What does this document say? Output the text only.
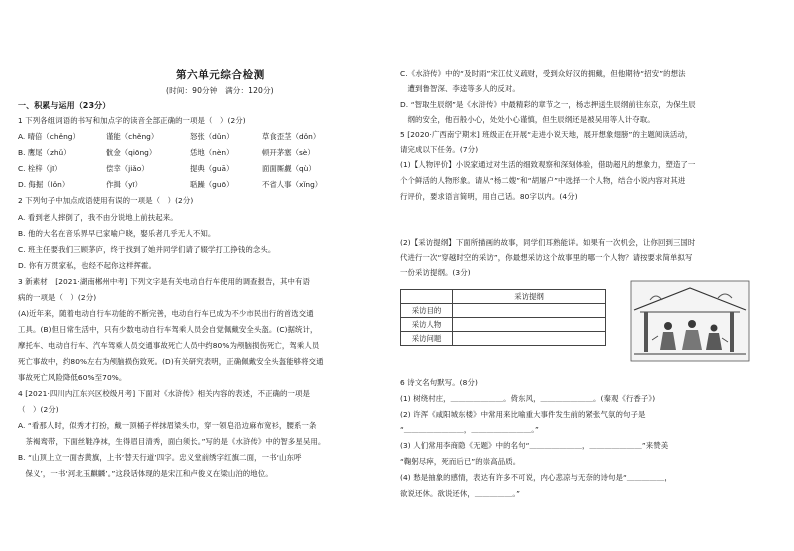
第六单元综合检测
(时间：90分钟　满分：120分)
一、积累与运用（23分）
1 下列各组词语的书写和加点字的读音全部正确的一项是（　）(2分)
A. 晴倍（chěng）	谨能（chěng）	怒张（dǔn）	草食歪茎（dǒn）
B. 鹰尾（zhǔ）	骯金（qiōng）	恁地（nèn）	顿开茅塞（sè）
C. 栓梓（jī）	偿幸（jiǎo）	提典（guā）	面面厮觑（qù）
D. 侮掘（lǒn）	作揖（yī）	聒躁（guō）	不省人事（xǐng）
2 下列句子中加点成语使用有误的一项是（　）(2分)
A. 看到老人摔倒了，我不由分说地上前扶起来。
B. 他的大名在音乐界早已家喻户晓，娶乐者几乎无人不知。
C. 班主任要我们三顾茅庐，终于找到了她并同学们请了辍学打工挣钱的念头。
D. 你有万贯家私，也经不起你这样挥霍。
3 新素材　[2021·湖南郴州中考] 下列文字是有关电动自行车使用的调查报告，其中有语
病的一项是（　）(2分)
(A)近年来，随着电动自行车功能的不断完善，电动自行车已成为不少市民出行的首选交通
工具。(B)但日常生活中，只有少数电动自行车驾乘人员会自觉佩戴安全头盔。(C)据统计，
摩托车、电动自行车、汽车驾乘人员交通事故死亡人员中约80%为颅脑损伤死亡，驾乘人员
死亡事故中，约80%左右为颅脑损伤致死。(D)有关研究表明，正确佩戴安全头盔能够将交通
事故死亡风险降低60%至70%。
4 [2021·四川内江东兴区校级月考] 下面对《水浒传》相关内容的表述，不正确的一项是
（　）(2分)
A. “看那人时，似秀才打扮，戴一顶桶子样抹眉梁头巾，穿一领皂沿边麻布宽衫，腰系一条
　茶褐鸾带，下面丝鞋净袜，生得眉目清秀，面白须长。”写的是《水浒传》中的智多星吴用。
B. “山顶上立一面杏黄旗，上书‘替天行道’四字。忠义堂前绣字红旗二面，一书‘山东呼
　保义’，一书‘河北玉麒麟’。”这段话体现的是宋江和卢俊义在梁山泊的地位。
C.《水浒传》中的“及时雨”宋江仗义疏财，受到众好汉的拥戴，但他期待“招安”的想法
　遭到鲁智深、李逵等多人的反对。
D. “智取生辰纲”是《水浒传》中最精彩的章节之一，杨志押送生辰纲前往东京，为保生辰
　纲的安全，他百般小心，处处小心谨慎，但生辰纲还是被吴用等人计夺取。
5 [2020·广西南宁期末] 班级正在开展“走进小说天地，展开想象翅膀”的主题阅读活动，
请完成以下任务。(7分)
(1)【人物评价】小说家通过对生活的细致观察和深刻体验，借助超凡的想象力，塑造了一
个个鲜活的人物形象。请从“杨二嫂”和“胡屠户”中选择一个人物，结合小说内容对其进
行评价，要求语言简明，用自己话。80字以内。(4分)
(2)【采访提纲】下面所描画的故事，同学们耳熟能详。如果有一次机会，让你回到三国时
代进行一次“穿越时空的采访”，你最想采访这个故事里的哪一个人物？请按要求简单拟写
一份采访提纲。(3分)
	采访提纲
采访目的	
采访人物	
采访问题	
6 诗文名句默写。(8分)
(1) 树绕村庄，＿＿＿＿＿＿＿。倚东风，＿＿＿＿＿＿＿。(秦观《行香子》)
(2) 许浑《咸阳城东楼》中常用来比喻重大事件发生前的紧张气氛的句子是
“＿＿＿＿＿＿＿＿，＿＿＿＿＿＿＿＿。”
(3) 人们常用李商隐《无题》中的名句“＿＿＿＿＿＿＿，＿＿＿＿＿＿＿”来赞美
“鞠躬尽瘁，死而后已”的崇高品质。
(4) 愁是抽象的感情，表达有许多不可说，内心悲凉与无奈的诗句是“＿＿＿＿＿，
欲说还休。欲说还休，＿＿＿＿＿。”
